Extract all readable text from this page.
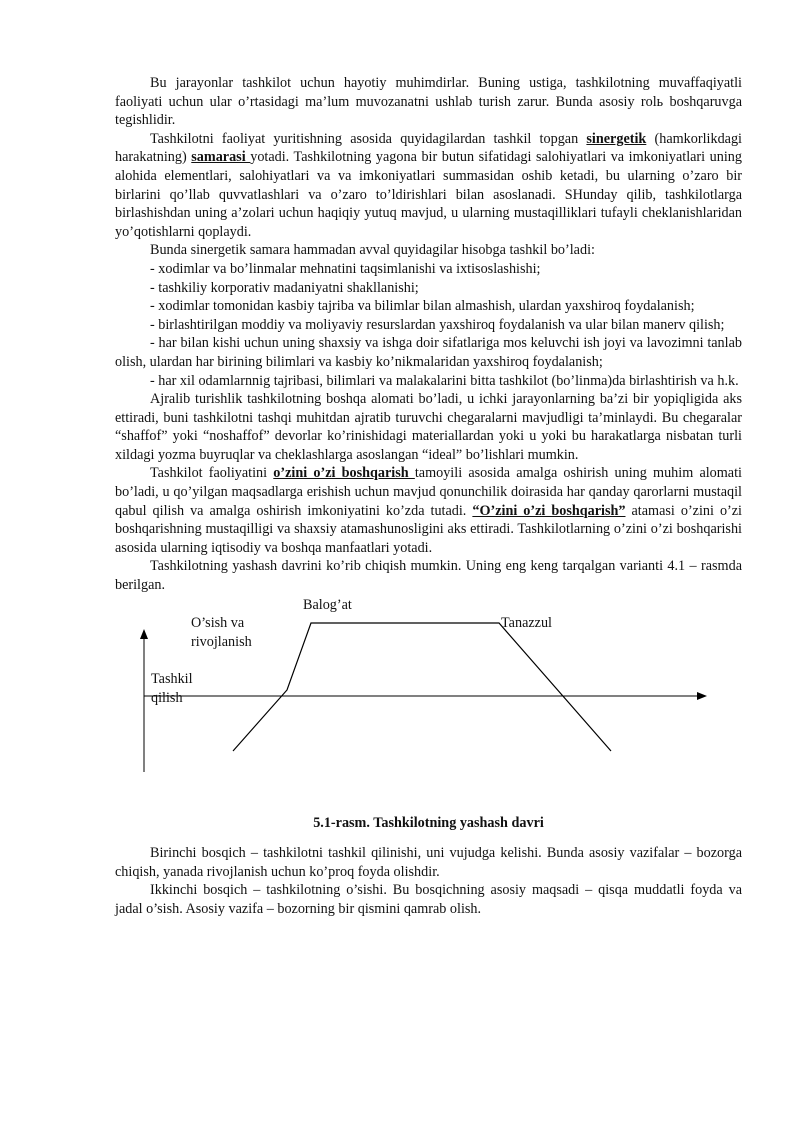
Bu jarayonlar tashkilot uchun hayotiy muhimdirlar. Buning ustiga, tashkilotning muvaffaqiyatli faoliyati uchun ular o’rtasidagi ma’lum muvozanatni ushlab turish zarur. Bunda asosiy rolь boshqaruvga tegishlidir.

Tashkilotni faoliyat yuritishning asosida quyidagilardan tashkil topgan sinergetik (hamkorlikdagi harakatning) samarasi yotadi. Tashkilotning yagona bir butun sifatidagi salohiyatlari va imkoniyatlari uning alohida elementlari, salohiyatlari va va imkoniyatlari summasidan oshib ketadi, bu ularning o’zaro bir birlarini qo’llab quvvatlashlari va o’zaro to’ldirishlari bilan asoslanadi. SHunday qilib, tashkilotlarga birlashishdan uning a’zolari uchun haqiqiy yutuq mavjud, u ularning mustaqilliklari tufayli cheklanishlaridan yo’qotishlarni qoplaydi.

Bunda sinergetik samara hammadan avval quyidagilar hisobga tashkil bo’ladi:

- xodimlar va bo’linmalar mehnatini taqsimlanishi va ixtisoslashishi;

- tashkiliy korporativ madaniyatni shakllanishi;

- xodimlar tomonidan kasbiy tajriba va bilimlar bilan almashish, ulardan yaxshiroq foydalanish;

- birlashtirilgan moddiy va moliyaviy resurslardan yaxshiroq foydalanish va ular bilan manerv qilish;

- har bilan kishi uchun uning shaxsiy va ishga doir sifatlariga mos keluvchi ish joyi va lavozimni tanlab olish, ulardan har birining bilimlari va kasbiy ko’nikmalaridan yaxshiroq foydalanish;

- har xil odamlarnnig tajribasi, bilimlari va malakalarini bitta tashkilot (bo’linma)da birlashtirish va h.k.

Ajralib turishlik tashkilotning boshqa alomati bo’ladi, u ichki jarayonlarning ba’zi bir yopiqligida aks ettiradi, buni tashkilotni tashqi muhitdan ajratib turuvchi chegaralarni mavjudligi ta’minlaydi. Bu chegaralar “shaffof” yoki “noshaffof” devorlar ko’rinishidagi materiallardan yoki u yoki bu harakatlarga nisbatan turli xildagi yozma buyruqlar va cheklashlarga asoslangan “ideal” bo’lishlari mumkin.

Tashkilot faoliyatini o’zini o’zi boshqarish tamoyili asosida amalga oshirish uning muhim alomati bo’ladi, u qo’yilgan maqsadlarga erishish uchun mavjud qonunchilik doirasida har qanday qarorlarni mustaqil qabul qilish va amalga oshirish imkoniyatini ko’zda tutadi. “O’zini o’zi boshqarish” atamasi o’zini o’zi boshqarishning mustaqilligi va shaxsiy atamashunosligini aks ettiradi. Tashkilotlarning o’zini o’zi boshqarishi asosida ularning iqtisodiy va boshqa manfaatlari yotadi.

Tashkilotning yashash davrini ko’rib chiqish mumkin. Uning eng keng tarqalgan varianti 4.1 – rasmda berilgan.

Balog’at
O’sish va
rivojlanish
Tanazzul
Tashkil
qilish

5.1-rasm. Tashkilotning yashash davri

Birinchi bosqich – tashkilotni tashkil qilinishi, uni vujudga kelishi. Bunda asosiy vazifalar – bozorga chiqish, yanada rivojlanish uchun ko’proq foyda olishdir.

Ikkinchi bosqich – tashkilotning o’sishi. Bu bosqichning asosiy maqsadi – qisqa muddatli foyda va jadal o’sish. Asosiy vazifa – bozorning bir qismini qamrab olish.
